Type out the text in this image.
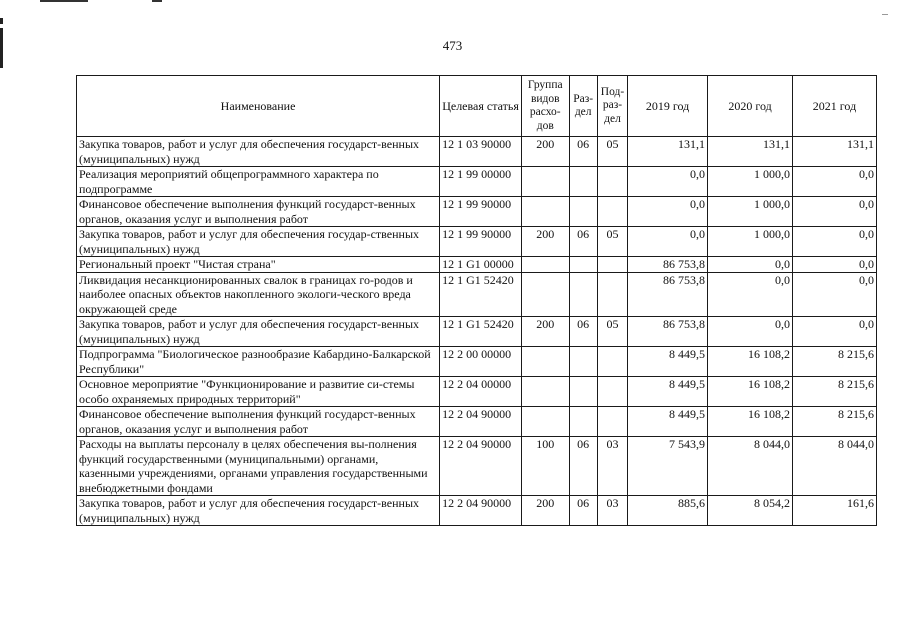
473
Наименование	Целевая статья	Группа видов расхо-дов	Раз-дел	Под-раз-дел	2019 год	2020 год	2021 год
Закупка товаров, работ и услуг для обеспечения государст-венных (муниципальных) нужд	12 1 03 90000	200	06	05	131,1	131,1	131,1
Реализация мероприятий общепрограммного характера по подпрограмме	12 1 99 00000				0,0	1 000,0	0,0
Финансовое обеспечение выполнения функций государст-венных органов, оказания услуг и выполнения работ	12 1 99 90000				0,0	1 000,0	0,0
Закупка товаров, работ и услуг для обеспечения государ-ственных (муниципальных) нужд	12 1 99 90000	200	06	05	0,0	1 000,0	0,0
Региональный проект "Чистая страна"	12 1 G1 00000				86 753,8	0,0	0,0
Ликвидация несанкционированных свалок в границах го-родов и наиболее опасных объектов накопленного экологи-ческого вреда окружающей среде	12 1 G1 52420				86 753,8	0,0	0,0
Закупка товаров, работ и услуг для обеспечения государст-венных (муниципальных) нужд	12 1 G1 52420	200	06	05	86 753,8	0,0	0,0
Подпрограмма "Биологическое разнообразие Кабардино-Балкарской Республики"	12 2 00 00000				8 449,5	16 108,2	8 215,6
Основное мероприятие "Функционирование и развитие си-стемы особо охраняемых природных территорий"	12 2 04 00000				8 449,5	16 108,2	8 215,6
Финансовое обеспечение выполнения функций государст-венных органов, оказания услуг и выполнения работ	12 2 04 90000				8 449,5	16 108,2	8 215,6
Расходы на выплаты персоналу в целях обеспечения вы-полнения функций государственными (муниципальными) органами, казенными учреждениями, органами управления государственными внебюджетными фондами	12 2 04 90000	100	06	03	7 543,9	8 044,0	8 044,0
Закупка товаров, работ и услуг для обеспечения государст-венных (муниципальных) нужд	12 2 04 90000	200	06	03	885,6	8 054,2	161,6
